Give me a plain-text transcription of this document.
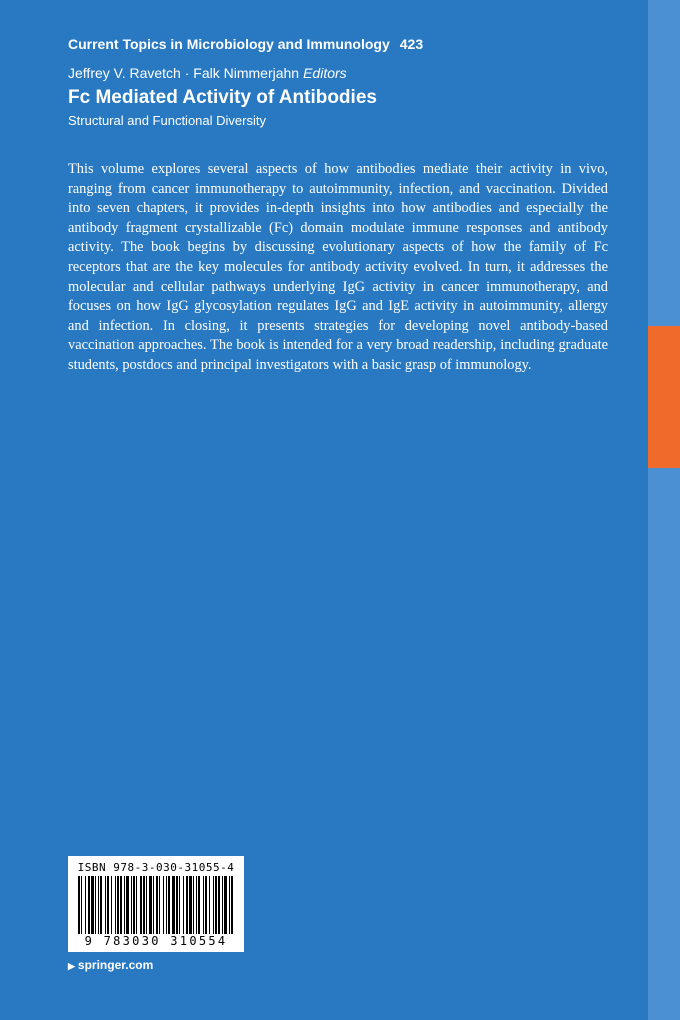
Current Topics in Microbiology and Immunology 423
Jeffrey V. Ravetch · Falk Nimmerjahn Editors
Fc Mediated Activity of Antibodies
Structural and Functional Diversity

This volume explores several aspects of how antibodies mediate their activity in vivo, ranging from cancer immunotherapy to autoimmunity, infection, and vaccination. Divided into seven chapters, it provides in-depth insights into how antibodies and especially the antibody fragment crystallizable (Fc) domain modulate immune responses and antibody activity. The book begins by discussing evolutionary aspects of how the family of Fc receptors that are the key molecules for antibody activity evolved. In turn, it addresses the molecular and cellular pathways underlying IgG activity in cancer immunotherapy, and focuses on how IgG glycosylation regulates IgG and IgE activity in autoimmunity, allergy and infection. In closing, it presents strategies for developing novel antibody-based vaccination approaches. The book is intended for a very broad readership, including graduate students, postdocs and principal investigators with a basic grasp of immunology.

ISBN 978-3-030-31055-4
9 783030 310554
▶ springer.com
